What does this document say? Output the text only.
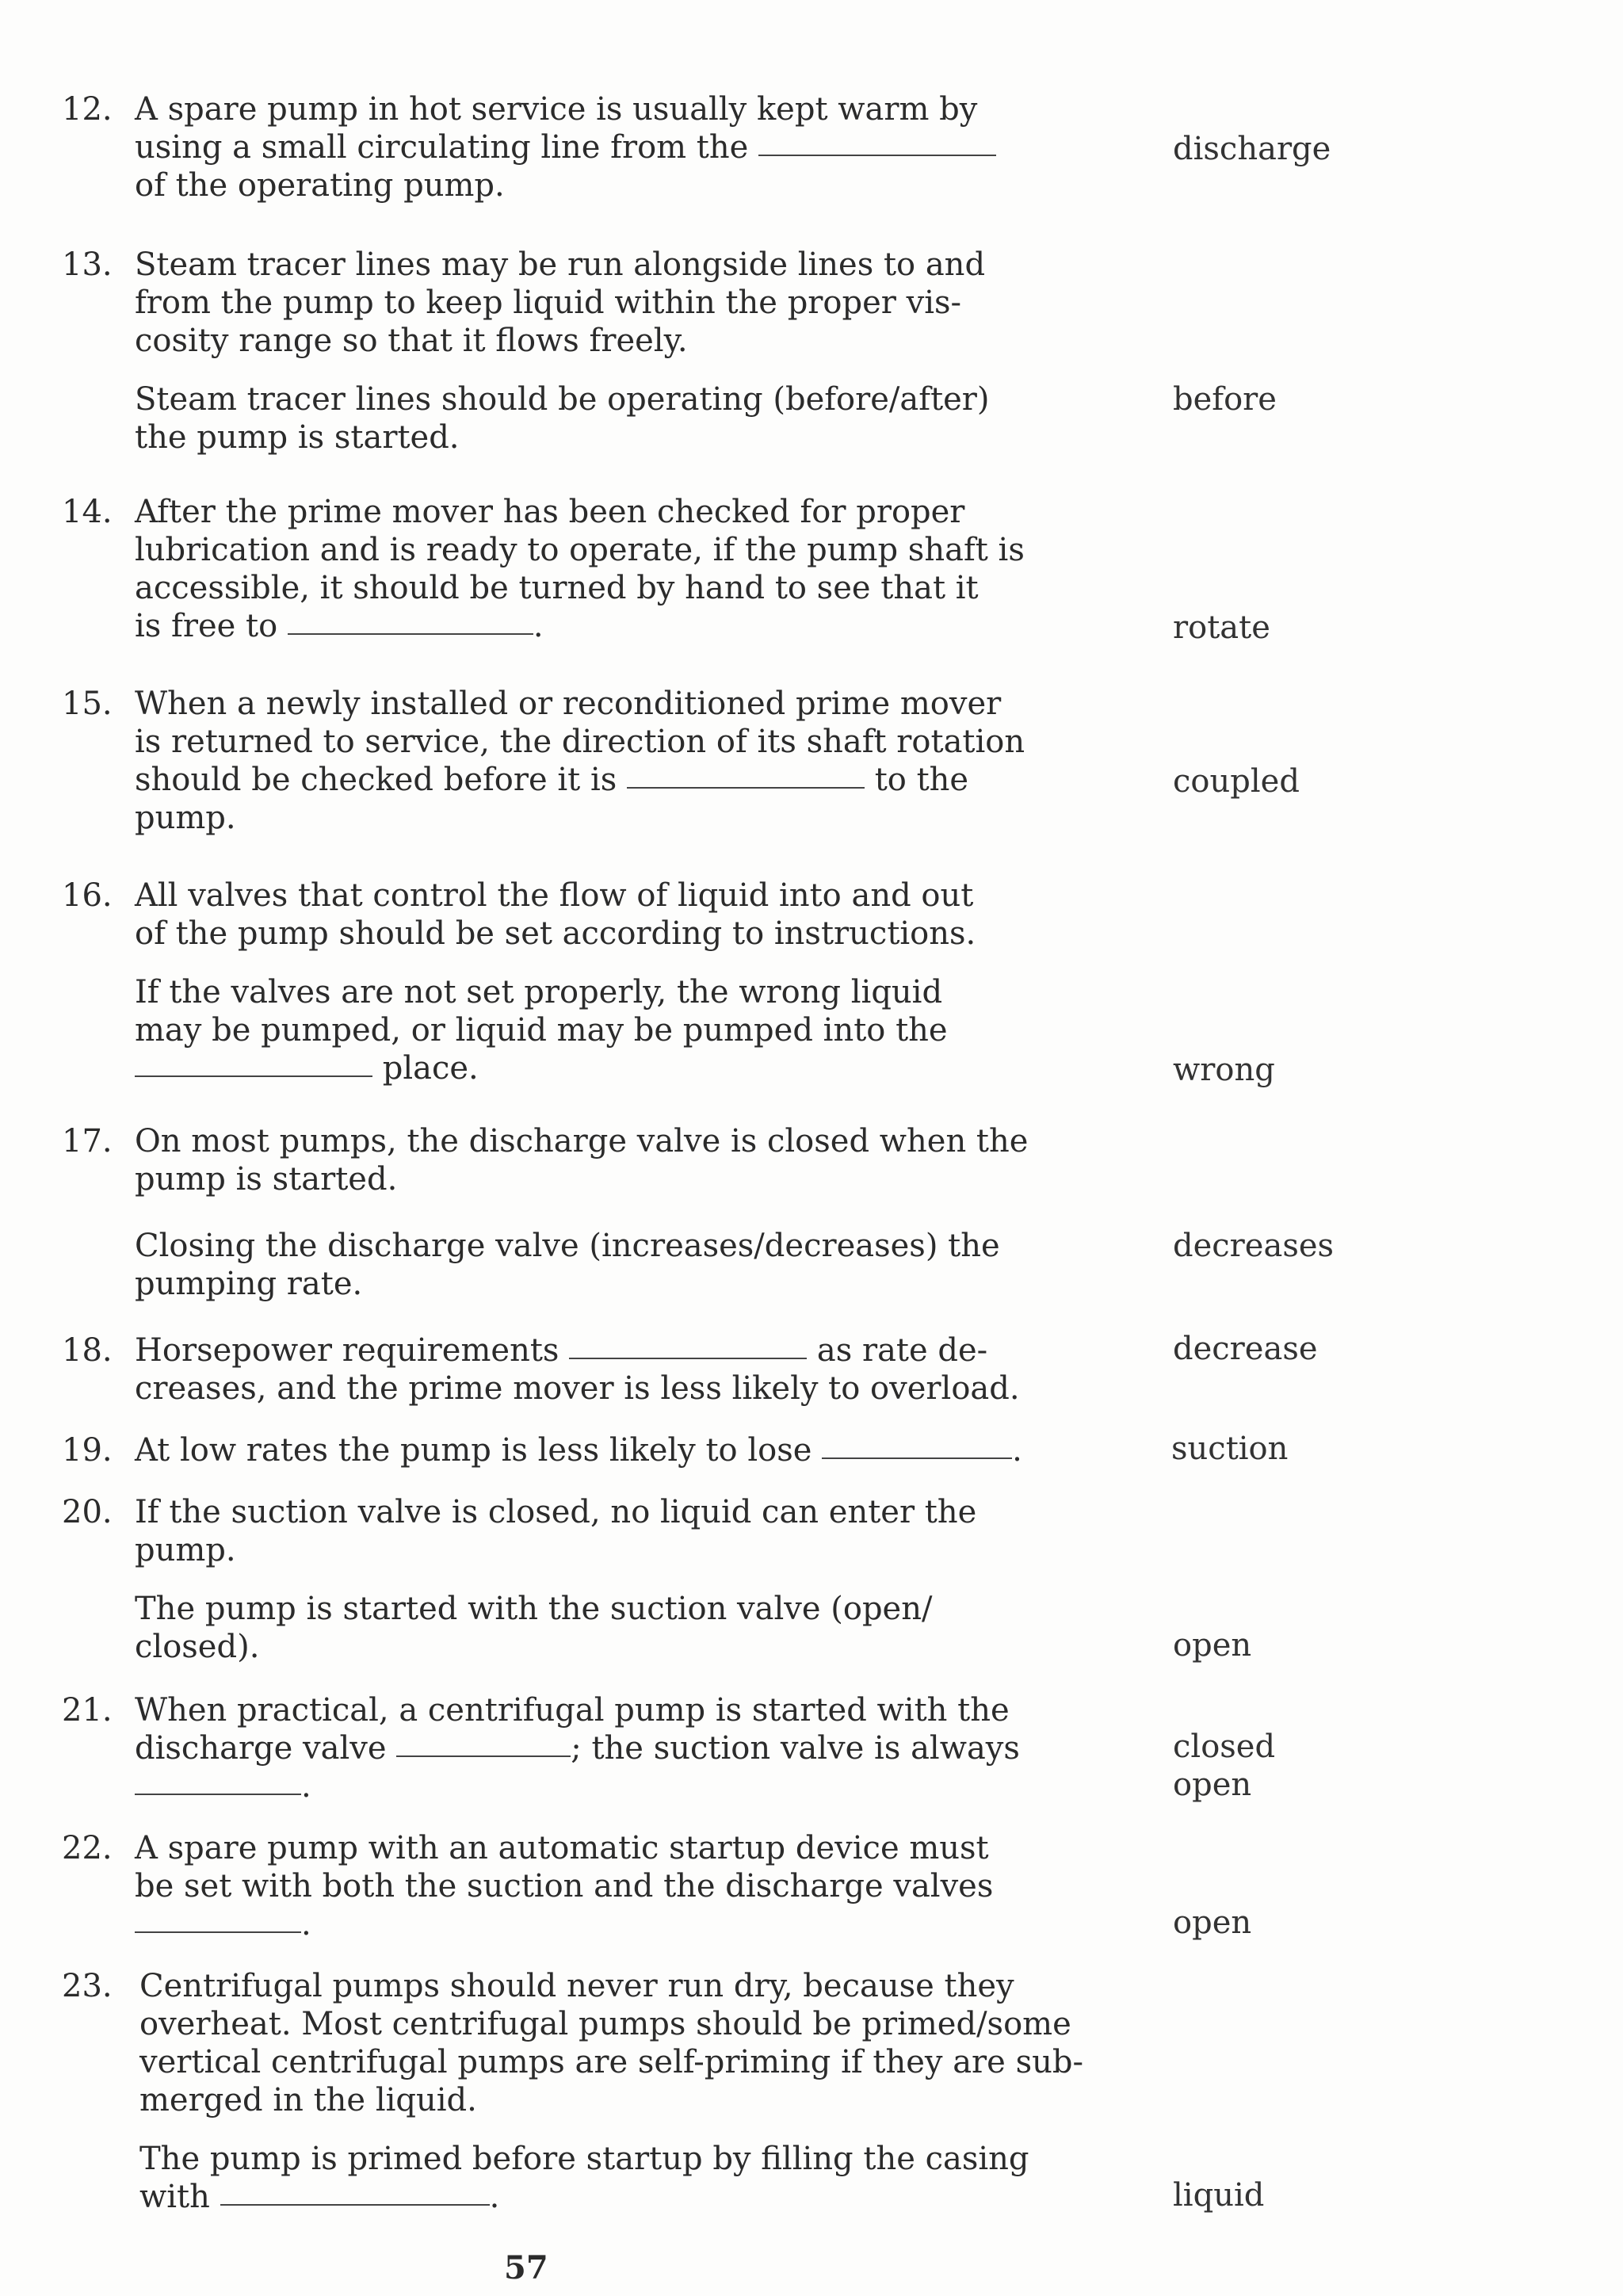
12. A spare pump in hot service is usually kept warm by
using a small circulating line from the
of the operating pump.
discharge
13. Steam tracer lines may be run alongside lines to and
from the pump to keep liquid within the proper vis-
cosity range so that it flows freely.
Steam tracer lines should be operating (before/after)
the pump is started.
before
14. After the prime mover has been checked for proper
lubrication and is ready to operate, if the pump shaft is
accessible, it should be turned by hand to see that it
is free to	.	rotate
15. When a newly installed or reconditioned prime mover
is returned to service, the direction of its shaft rotation
should be checked before it is	to the
pump.
coupled
16. All valves that control the flow of liquid into and out
of the pump should be set according to instructions.
If the valves are not set properly, the wrong liquid
may be pumped, or liquid may be pumped into the
place.	wrong
17. On most pumps, the discharge valve is closed when the
pump is started.
Closing the discharge valve (increases/decreases) the
pumping rate.
decreases
18. Horsepower requirements	as rate de-
creases, and the prime mover is less likely to overload.
decrease
19. At low rates the pump is less likely to lose	.	suction
20. If the suction valve is closed, no liquid can enter the
pump.
The pump is started with the suction valve (open/
closed).	open
21. When practical, a centrifugal pump is started with the
discharge valve	; the suction valve is always
.
closed
open
22. A spare pump with an automatic startup device must
be set with both the suction and the discharge valves
.	open
23. Centrifugal pumps should never run dry, because they
overheat. Most centrifugal pumps should be primed/some
vertical centrifugal pumps are self-priming if they are sub-
merged in the liquid.
The pump is primed before startup by filling the casing
with	.	liquid
57
